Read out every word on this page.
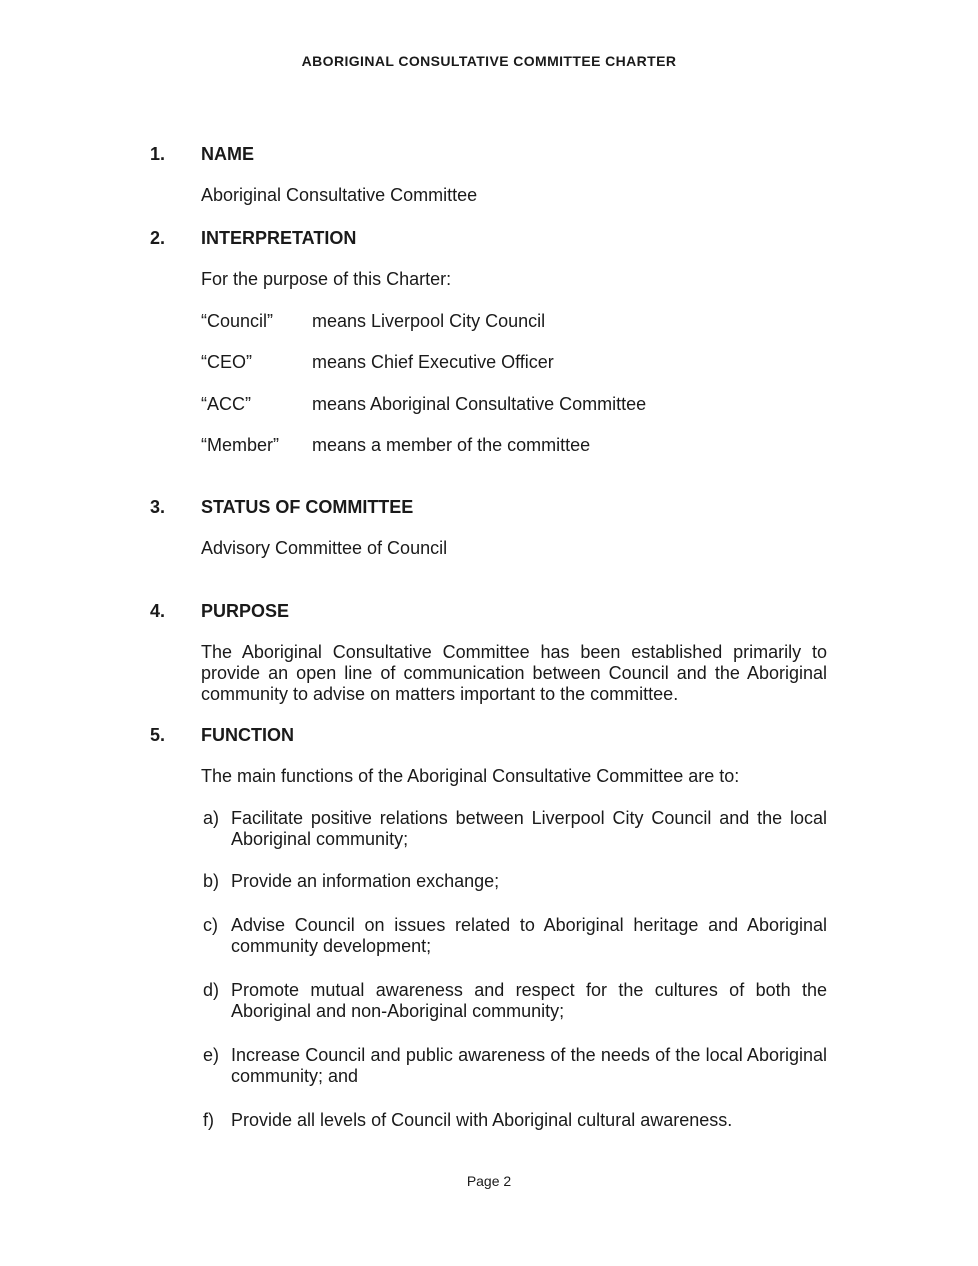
ABORIGINAL CONSULTATIVE COMMITTEE CHARTER
1. NAME
Aboriginal Consultative Committee
2. INTERPRETATION
For the purpose of this Charter:
“Council” means Liverpool City Council
“CEO”	means Chief Executive Officer
“ACC”	means Aboriginal Consultative Committee
“Member” means a member of the committee
3. STATUS OF COMMITTEE
Advisory Committee of Council
4. PURPOSE
The Aboriginal Consultative Committee has been established primarily to provide an open line of communication between Council and the Aboriginal community to advise on matters important to the committee.
5. FUNCTION
The main functions of the Aboriginal Consultative Committee are to:
a) Facilitate positive relations between Liverpool City Council and the local Aboriginal community;
b) Provide an information exchange;
c) Advise Council on issues related to Aboriginal heritage and Aboriginal community development;
d) Promote mutual awareness and respect for the cultures of both the Aboriginal and non-Aboriginal community;
e) Increase Council and public awareness of the needs of the local Aboriginal community; and
f) Provide all levels of Council with Aboriginal cultural awareness.
Page 2
